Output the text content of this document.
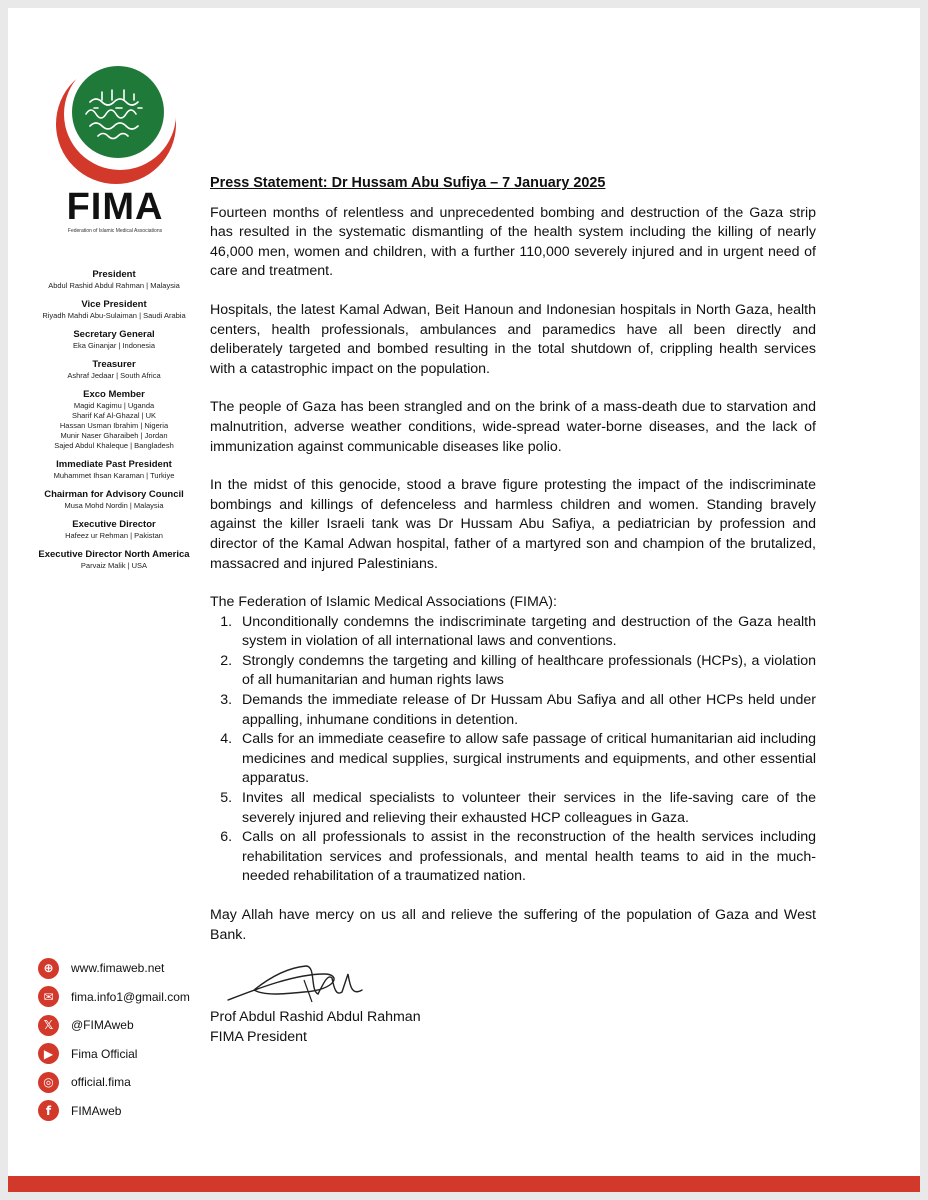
FIMA
Federation of Islamic Medical Associations
President
Abdul Rashid Abdul Rahman | Malaysia
Vice President
Riyadh Mahdi Abu-Sulaiman | Saudi Arabia
Secretary General
Eka Ginanjar | Indonesia
Treasurer
Ashraf Jedaar | South Africa
Exco Member
Magid Kagimu | Uganda
Sharif Kaf Al-Ghazal | UK
Hassan Usman Ibrahim | Nigeria
Munir Naser Gharaibeh | Jordan
Sajed Abdul Khaleque | Bangladesh
Immediate Past President
Muhammet Ihsan Karaman | Turkiye
Chairman for Advisory Council
Musa Mohd Nordin | Malaysia
Executive Director
Hafeez ur Rehman | Pakistan
Executive Director North America
Parvaiz Malik | USA
⊕	www.fimaweb.net
✉	fima.info1@gmail.com
𝕏	@FIMAweb
▶	Fima Official
◎	official.fima
f	FIMAweb

Press Statement: Dr Hussam Abu Sufiya – 7 January 2025

Fourteen months of relentless and unprecedented bombing and destruction of the Gaza strip has resulted in the systematic dismantling of the health system including the killing of nearly 46,000 men, women and children, with a further 110,000 severely injured and in urgent need of care and treatment.

Hospitals, the latest Kamal Adwan, Beit Hanoun and Indonesian hospitals in North Gaza, health centers, health professionals, ambulances and paramedics have all been directly and deliberately targeted and bombed resulting in the total shutdown of, crippling health services with a catastrophic impact on the population.

The people of Gaza has been strangled and on the brink of a mass-death due to starvation and malnutrition, adverse weather conditions, wide-spread water-borne diseases, and the lack of immunization against communicable diseases like polio.

In the midst of this genocide, stood a brave figure protesting the impact of the indiscriminate bombings and killings of defenceless and harmless children and women. Standing bravely against the killer Israeli tank was Dr Hussam Abu Safiya, a pediatrician by profession and director of the Kamal Adwan hospital, father of a martyred son and champion of the brutalized, massacred and injured Palestinians.

The Federation of Islamic Medical Associations (FIMA):

1. Unconditionally condemns the indiscriminate targeting and destruction of the Gaza health system in violation of all international laws and conventions.
2. Strongly condemns the targeting and killing of healthcare professionals (HCPs), a violation of all humanitarian and human rights laws
3. Demands the immediate release of Dr Hussam Abu Safiya and all other HCPs held under appalling, inhumane conditions in detention.
4. Calls for an immediate ceasefire to allow safe passage of critical humanitarian aid including medicines and medical supplies, surgical instruments and equipments, and other essential apparatus.
5. Invites all medical specialists to volunteer their services in the life-saving care of the severely injured and relieving their exhausted HCP colleagues in Gaza.
6. Calls on all professionals to assist in the reconstruction of the health services including rehabilitation services and professionals, and mental health teams to aid in the much-needed rehabilitation of a traumatized nation.

May Allah have mercy on us all and relieve the suffering of the population of Gaza and West Bank.

Prof Abdul Rashid Abdul Rahman

FIMA President
